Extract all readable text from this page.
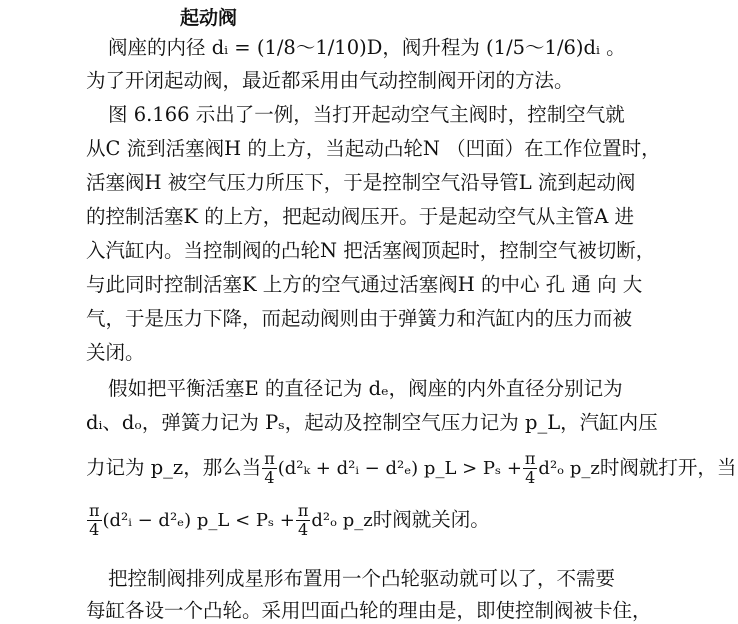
起动阀
阀座的内径 dᵢ = (1/8～1/10)D，阀升程为 (1/5～1/6)dᵢ 。
为了开闭起动阀，最近都采用由气动控制阀开闭的方法。
图 6.166 示出了一例，当打开起动空气主阀时，控制空气就
从C 流到活塞阀H 的上方，当起动凸轮N （凹面）在工作位置时，
活塞阀H 被空气压力所压下，于是控制空气沿导管L 流到起动阀
的控制活塞K 的上方，把起动阀压开。于是起动空气从主管A 进
入汽缸内。当控制阀的凸轮N 把活塞阀顶起时，控制空气被切断，
与此同时控制活塞K 上方的空气通过活塞阀H 的中心 孔 通 向 大
气，于是压力下降，而起动阀则由于弹簧力和汽缸内的压力而被
关闭。
假如把平衡活塞E 的直径记为 dₑ，阀座的内外直径分别记为
dᵢ、dₒ，弹簧力记为 Pₛ，起动及控制空气压力记为 p_L，汽缸内压
力记为 p_z，那么当 $\frac{\pi}{4} (d^2_k$ + d²ᵢ − d²ₑ) p_L > $P_s + \frac{\pi}{4} d^2_o$ p_z时阀就打开，当
$\frac{\pi}{4}$ (d²ᵢ − d²ₑ) p_L < $P_s + \frac{\pi}{4} d^2_o$ p_z时阀就关闭。
把控制阀排列成星形布置用一个凸轮驱动就可以了，不需要
每缸各设一个凸轮。采用凹面凸轮的理由是，即使控制阀被卡住，
